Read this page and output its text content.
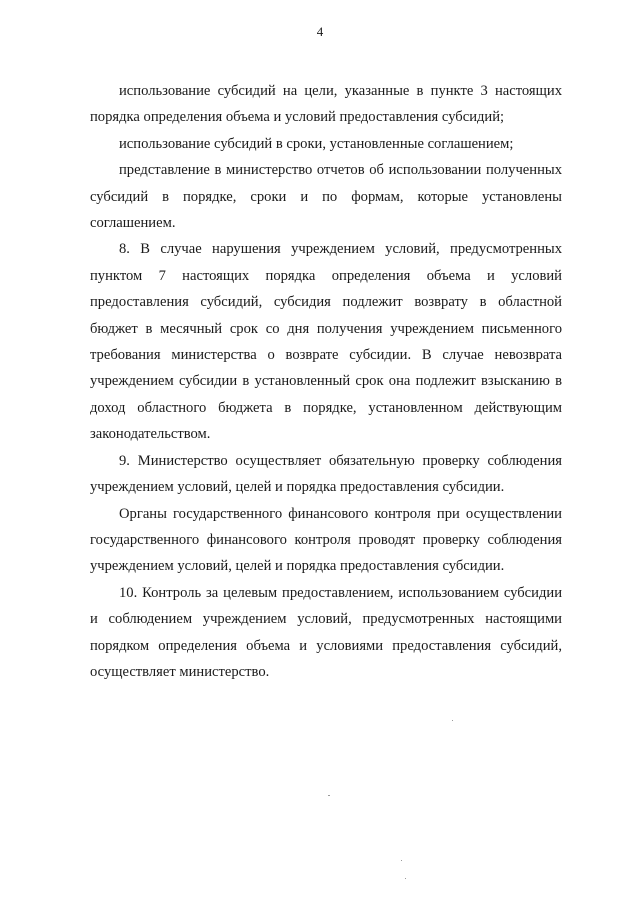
4

использование субсидий на цели, указанные в пункте 3 настоящих порядка определения объема и условий предоставления субсидий;

использование субсидий в сроки, установленные соглашением;

представление в министерство отчетов об использовании полученных субсидий в порядке, сроки и по формам, которые установлены соглашением.

8. В случае нарушения учреждением условий, предусмотренных пунктом 7 настоящих порядка определения объема и условий предоставления субсидий, субсидия подлежит возврату в областной бюджет в месячный срок со дня получения учреждением письменного требования министерства о возврате субсидии. В случае невозврата учреждением субсидии в установленный срок она подлежит взысканию в доход областного бюджета в порядке, установленном действующим законодательством.

9. Министерство осуществляет обязательную проверку соблюдения учреждением условий, целей и порядка предоставления субсидии.

Органы государственного финансового контроля при осуществлении государственного финансового контроля проводят проверку соблюдения учреждением условий, целей и порядка предоставления субсидии.

10. Контроль за целевым предоставлением, использованием субсидии и соблюдением учреждением условий, предусмотренных настоящими порядком определения объема и условиями предоставления субсидий, осуществляет министерство.
